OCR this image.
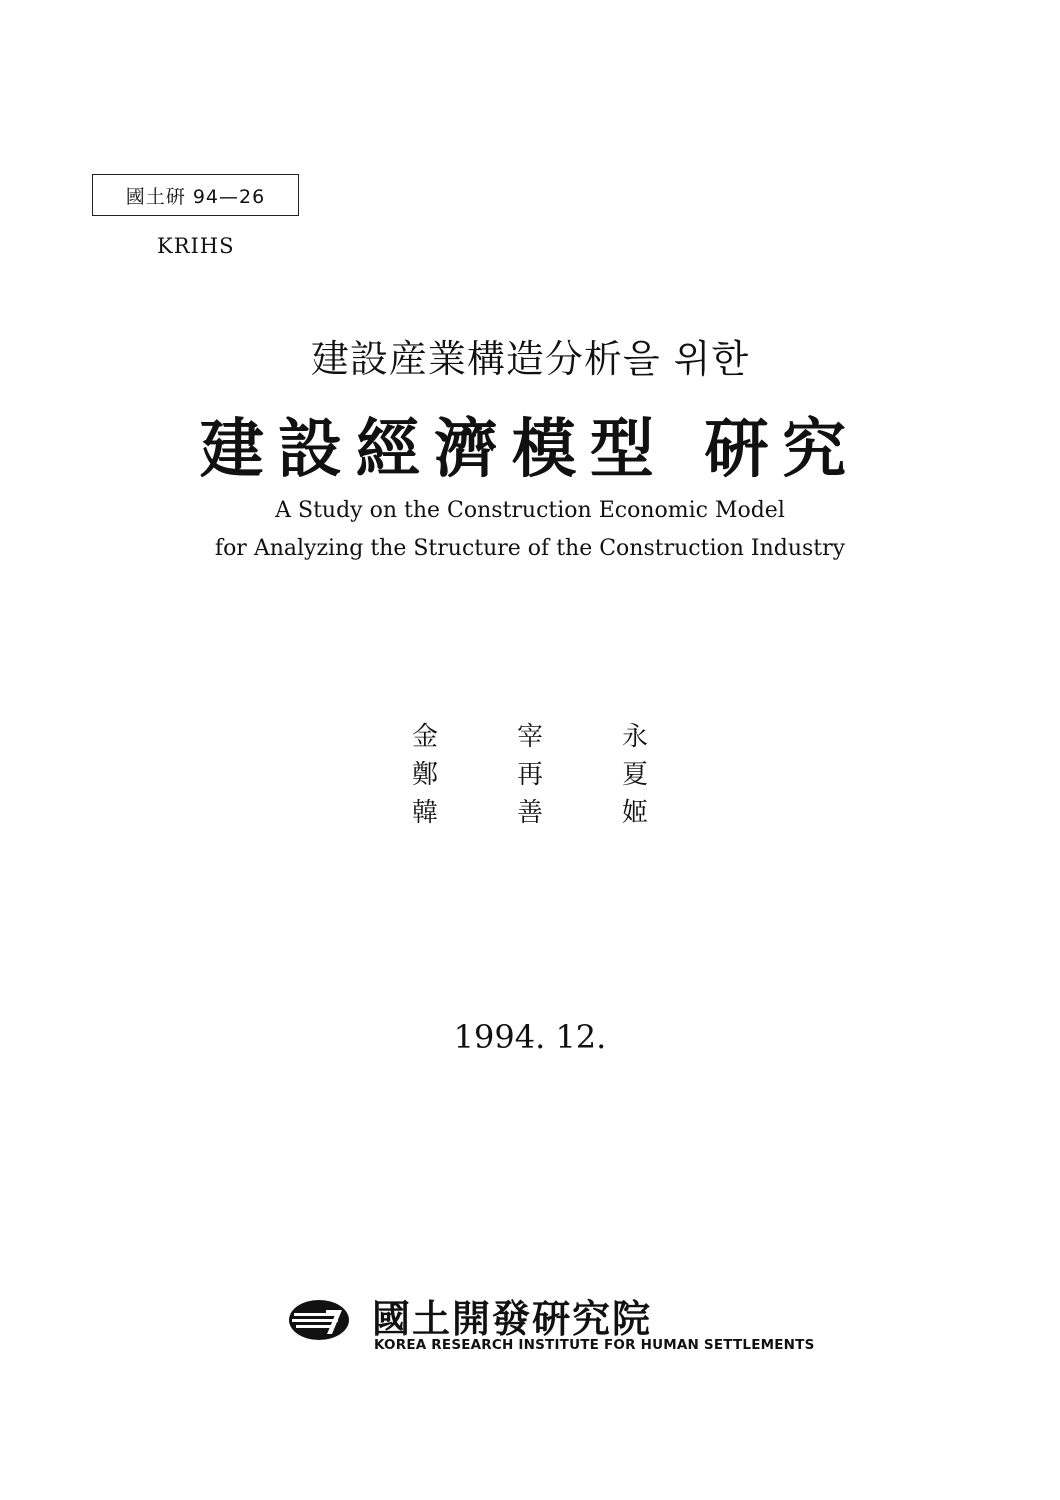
國土硏 94—26
KRIHS
建設産業構造分析을 위한
建設經濟模型 硏究
A Study on the Construction Economic Model
for Analyzing the Structure of the Construction Industry
金	宰	永
鄭	再	夏
韓	善	姬
1994. 12.
國土開發硏究院
KOREA RESEARCH INSTITUTE FOR HUMAN SETTLEMENTS
